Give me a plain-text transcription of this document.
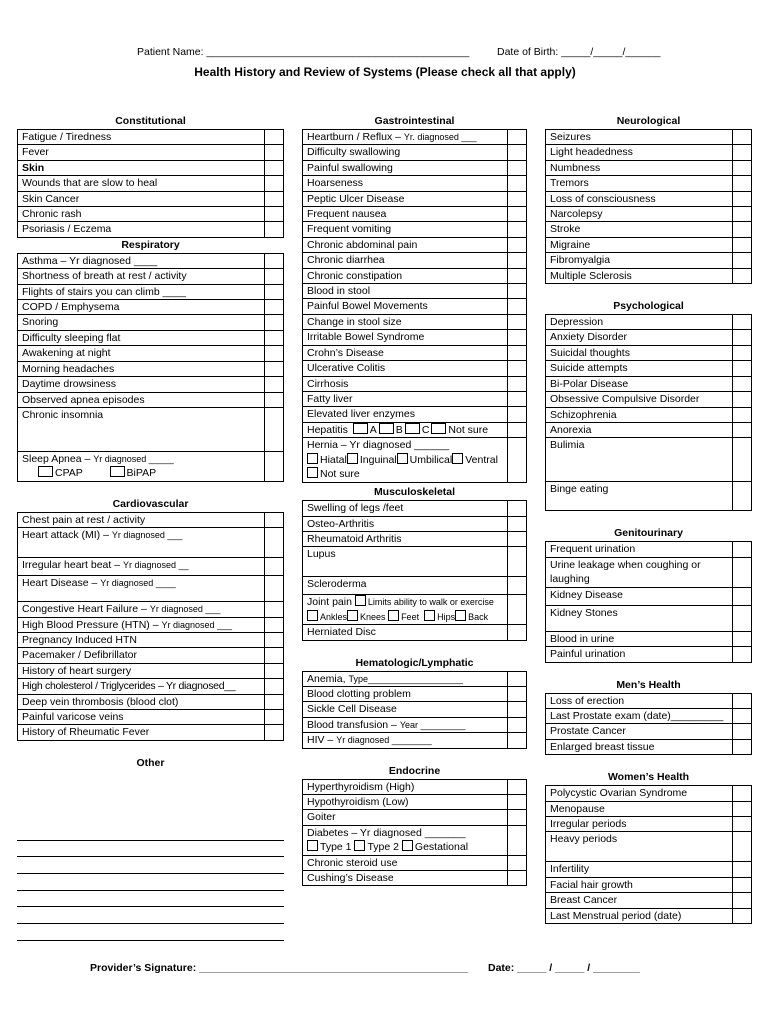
Patient Name: _____________________________________________	Date of Birth: _____/_____/______
Health History and Review of Systems (Please check all that apply)
Constitutional
Fatigue / Tiredness	
Fever	
Skin	
Wounds that are slow to heal	
Skin Cancer	
Chronic rash	
Psoriasis / Eczema	
Respiratory
Asthma – Yr diagnosed ____	
Shortness of breath at rest / activity	
Flights of stairs you can climb ____	
COPD / Emphysema	
Snoring	
Difficulty sleeping flat	
Awakening at night	
Morning headaches	
Daytime drowsiness	
Observed apnea episodes	
Chronic insomnia	
Sleep Apnea – Yr diagnosed _____
CPAP BiPAP	
Cardiovascular
Chest pain at rest / activity	
Heart attack (MI) – Yr diagnosed ___	
Irregular heart beat – Yr diagnosed __	
Heart Disease – Yr diagnosed ____	
Congestive Heart Failure – Yr diagnosed ___	
High Blood Pressure (HTN) – Yr diagnosed ___	
Pregnancy Induced HTN	
Pacemaker / Defibrillator	
History of heart surgery	
High cholesterol / Triglycerides – Yr diagnosed__	
Deep vein thrombosis (blood clot)	
Painful varicose veins	
History of Rheumatic Fever	
Other
Gastrointestinal
Heartburn / Reflux – Yr. diagnosed ___	
Difficulty swallowing	
Painful swallowing	
Hoarseness	
Peptic Ulcer Disease	
Frequent nausea	
Frequent vomiting	
Chronic abdominal pain	
Chronic diarrhea	
Chronic constipation	
Blood in stool	
Painful Bowel Movements	
Change in stool size	
Irritable Bowel Syndrome	
Crohn’s Disease	
Ulcerative Colitis	
Cirrhosis	
Fatty liver	
Elevated liver enzymes	
Hepatitis A B C Not sure	
Hernia – Yr diagnosed ______
Hiatal Inguinal Umbilical Ventral
Not sure	
Musculoskeletal
Swelling of legs /feet	
Osteo-Arthritis	
Rheumatoid Arthritis	
Lupus	
Scleroderma	
Joint pain Limits ability to walk or exercise
Ankles Knees Feet Hips Back	
Herniated Disc	
Hematologic/Lymphatic
Anemia, Type___________________	
Blood clotting problem	
Sickle Cell Disease	
Blood transfusion – Year _________	
HIV – Yr diagnosed ________	
Endocrine
Hyperthyroidism (High)	
Hypothyroidism (Low)	
Goiter	
Diabetes – Yr diagnosed _______
Type 1 Type 2 Gestational	
Chronic steroid use	
Cushing’s Disease	
Neurological
Seizures	
Light headedness	
Numbness	
Tremors	
Loss of consciousness	
Narcolepsy	
Stroke	
Migraine	
Fibromyalgia	
Multiple Sclerosis	
Psychological
Depression	
Anxiety Disorder	
Suicidal thoughts	
Suicide attempts	
Bi-Polar Disease	
Obsessive Compulsive Disorder	
Schizophrenia	
Anorexia	
Bulimia	
Binge eating	
Genitourinary
Frequent urination	
Urine leakage when coughing or laughing	
Kidney Disease	
Kidney Stones	
Blood in urine	
Painful urination	
Men’s Health
Loss of erection	
Last Prostate exam (date)_________	
Prostate Cancer	
Enlarged breast tissue	
Women’s Health
Polycystic Ovarian Syndrome	
Menopause	
Irregular periods	
Heavy periods	
Infertility	
Facial hair growth	
Breast Cancer	
Last Menstrual period (date)	
Provider’s Signature: ______________________________________________ Date: _____ / _____ / ________
